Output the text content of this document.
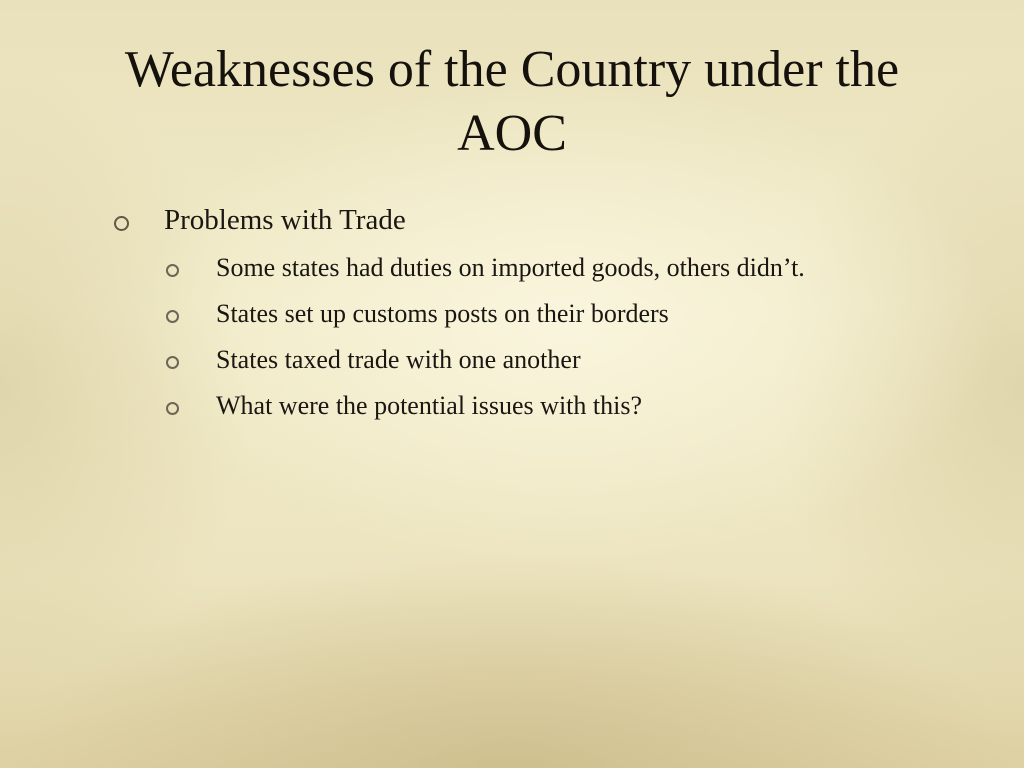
Weaknesses of the Country under the AOC
Problems with Trade
Some states had duties on imported goods, others didn’t.
States set up customs posts on their borders
States taxed trade with one another
What were the potential issues with this?
